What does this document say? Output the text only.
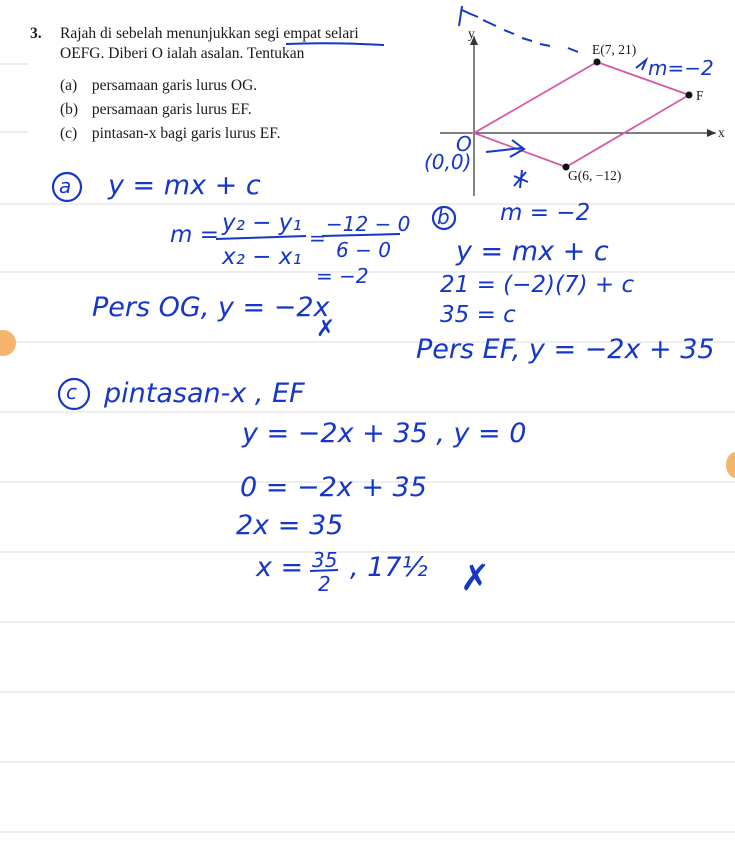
3. Rajah di sebelah menunjukkan segi empat selari
OEFG. Diberi O ialah asalan. Tentukan
(a) persamaan garis lurus OG.
(b) persamaan garis lurus EF.
(c) pintasan-x bagi garis lurus EF.
y
x
E(7, 21)
F
G(6, −12)
m=−2
(0,0)
O
a y = mx + c
m = y₂ − y₁
x₂ − x₁
=
−12 − 0
6 − 0
= −2
Pers OG, y = −2x
✗
b m = −2
y = mx + c
21 = (−2)(7) + c
35 = c
Pers EF, y = −2x + 35
c pintasan-x , EF
y = −2x + 35 , y = 0
0 = −2x + 35
2x = 35
x = 35
2
, 17½ ✗
